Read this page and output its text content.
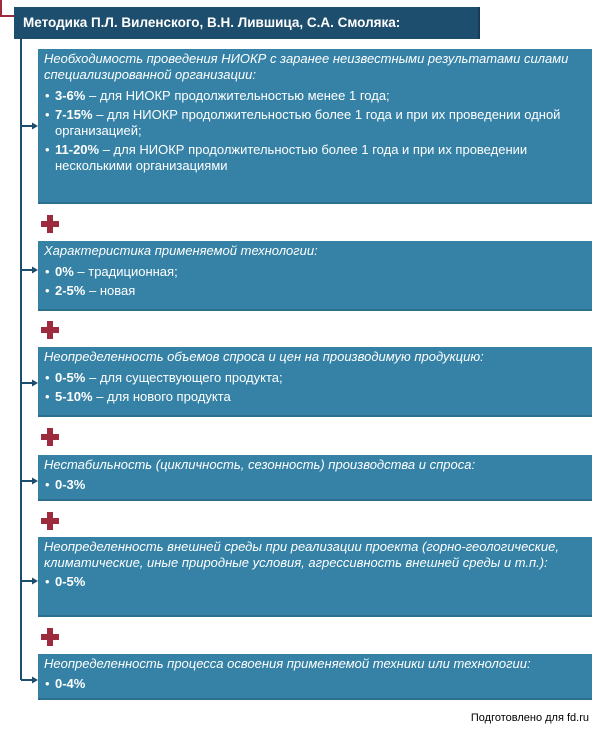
Методика П.Л. Виленского, В.Н. Лившица, С.А. Смоляка:
Необходимость проведения НИОКР с заранее неизвестными результатами силами специализированной организации:
• 3-6% – для НИОКР продолжительностью менее 1 года;
• 7-15% – для НИОКР продолжительностью более 1 года и при их проведении одной организацией;
• 11-20% – для НИОКР продолжительностью более 1 года и при их проведении несколькими организациями
Характеристика применяемой технологии:
• 0% – традиционная;
• 2-5% – новая
Неопределенность объемов спроса и цен на производимую продукцию:
• 0-5% – для существующего продукта;
• 5-10% – для нового продукта
Нестабильность (цикличность, сезонность) производства и спроса:
• 0-3%
Неопределенность внешней среды при реализации проекта (горно-геологические, климатические, иные природные условия, агрессивность внешней среды и т.п.):
• 0-5%
Неопределенность процесса освоения применяемой техники или технологии:
• 0-4%
Подготовлено для fd.ru
